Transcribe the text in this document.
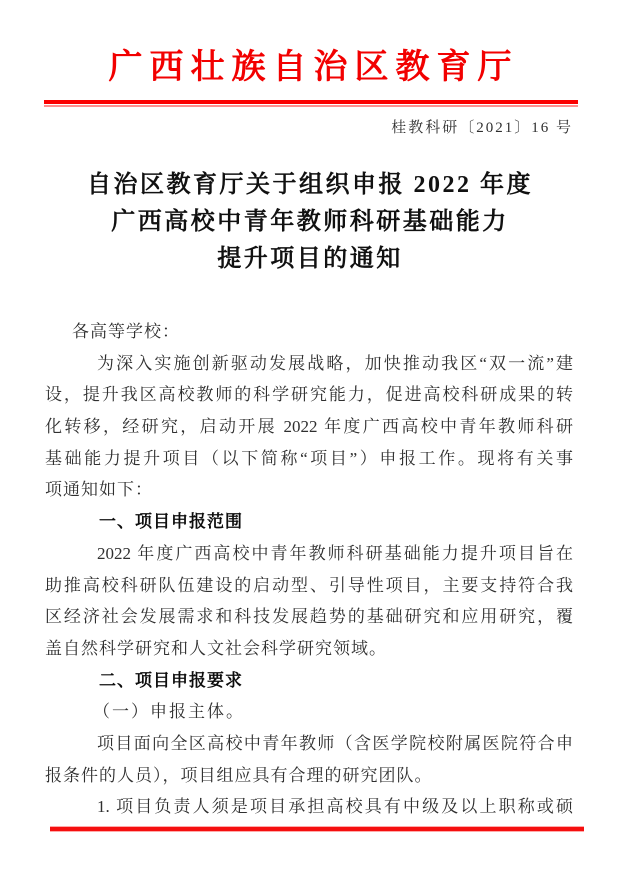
广西壮族自治区教育厅
桂教科研〔2021〕16 号
自治区教育厅关于组织申报 2022 年度
广西高校中青年教师科研基础能力
提升项目的通知
各高等学校：
为深入实施创新驱动发展战略，加快推动我区“双一流”建
设，提升我区高校教师的科学研究能力，促进高校科研成果的转
化转移，经研究，启动开展 2022 年度广西高校中青年教师科研
基础能力提升项目（以下简称“项目”）申报工作。现将有关事
项通知如下：
一、项目申报范围
2022 年度广西高校中青年教师科研基础能力提升项目旨在
助推高校科研队伍建设的启动型、引导性项目，主要支持符合我
区经济社会发展需求和科技发展趋势的基础研究和应用研究，覆
盖自然科学研究和人文社会科学研究领域。
二、项目申报要求
（一）申报主体。
项目面向全区高校中青年教师（含医学院校附属医院符合申
报条件的人员），项目组应具有合理的研究团队。
1. 项目负责人须是项目承担高校具有中级及以上职称或硕
